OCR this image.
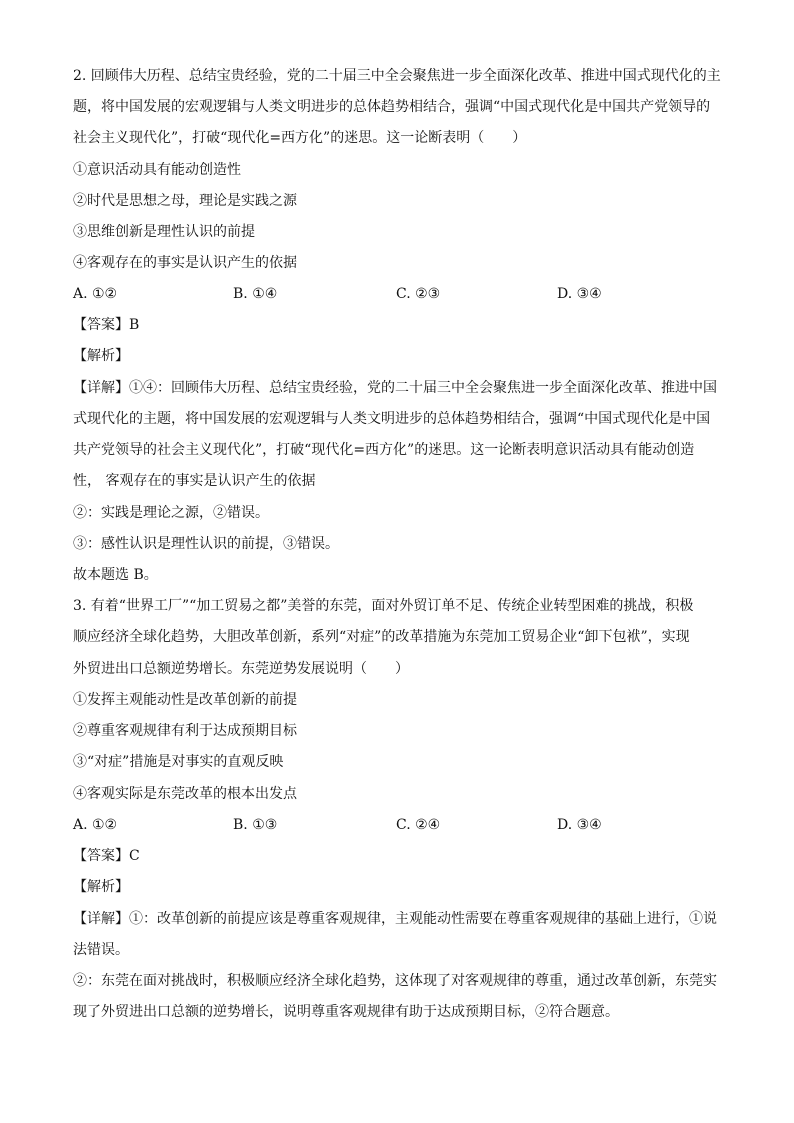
2. 回顾伟大历程、总结宝贵经验，党的二十届三中全会聚焦进一步全面深化改革、推进中国式现代化的主
题，将中国发展的宏观逻辑与人类文明进步的总体趋势相结合，强调“中国式现代化是中国共产党领导的
社会主义现代化”，打破“现代化=西方化”的迷思。这一论断表明（　　）
①意识活动具有能动创造性
②时代是思想之母，理论是实践之源
③思维创新是理性认识的前提
④客观存在的事实是认识产生的依据
A. ①②	B. ①④	C. ②③	D. ③④
【答案】B
【解析】
【详解】①④：回顾伟大历程、总结宝贵经验，党的二十届三中全会聚焦进一步全面深化改革、推进中国
式现代化的主题，将中国发展的宏观逻辑与人类文明进步的总体趋势相结合，强调“中国式现代化是中国
共产党领导的社会主义现代化”，打破“现代化=西方化”的迷思。这一论断表明意识活动具有能动创造
性， 客观存在的事实是认识产生的依据
②：实践是理论之源，②错误。
③：感性认识是理性认识的前提，③错误。
故本题选 B。
3. 有着“世界工厂”“加工贸易之都”美誉的东莞，面对外贸订单不足、传统企业转型困难的挑战，积极
顺应经济全球化趋势，大胆改革创新，系列“对症”的改革措施为东莞加工贸易企业“卸下包袱”，实现
外贸进出口总额逆势增长。东莞逆势发展说明（　　）
①发挥主观能动性是改革创新的前提
②尊重客观规律有利于达成预期目标
③“对症”措施是对事实的直观反映
④客观实际是东莞改革的根本出发点
A. ①②	B. ①③	C. ②④	D. ③④
【答案】C
【解析】
【详解】①：改革创新的前提应该是尊重客观规律，主观能动性需要在尊重客观规律的基础上进行，①说
法错误。
②：东莞在面对挑战时，积极顺应经济全球化趋势，这体现了对客观规律的尊重，通过改革创新，东莞实
现了外贸进出口总额的逆势增长，说明尊重客观规律有助于达成预期目标，②符合题意。
